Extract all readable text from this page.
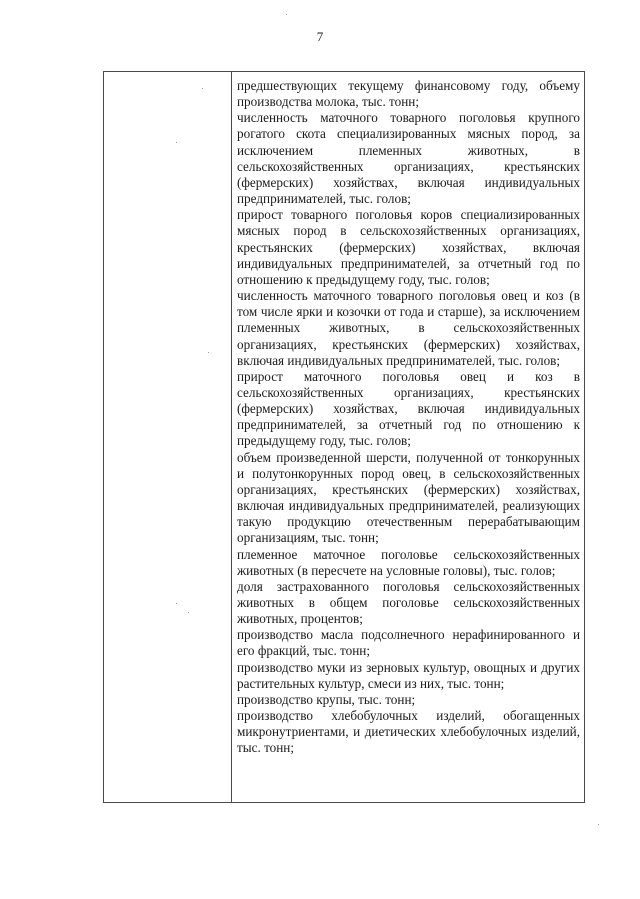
7

предшествующих текущему финансовому году, объему производства молока, тыс. тонн;

численность маточного товарного поголовья крупного рогатого скота специализированных мясных пород, за исключением племенных животных, в сельскохозяйственных организациях, крестьянских (фермерских) хозяйствах, включая индивидуальных предпринимателей, тыс. голов;

прирост товарного поголовья коров специализированных мясных пород в сельскохозяйственных организациях, крестьянских (фермерских) хозяйствах, включая индивидуальных предпринимателей, за отчетный год по отношению к предыдущему году, тыс. голов;

численность маточного товарного поголовья овец и коз (в том числе ярки и козочки от года и старше), за исключением племенных животных, в сельскохозяйственных организациях, крестьянских (фермерских) хозяйствах, включая индивидуальных предпринимателей, тыс. голов;

прирост маточного поголовья овец и коз в сельскохозяйственных организациях, крестьянских (фермерских) хозяйствах, включая индивидуальных предпринимателей, за отчетный год по отношению к предыдущему году, тыс. голов;

объем произведенной шерсти, полученной от тонкорунных и полутонкорунных пород овец, в сельскохозяйственных организациях, крестьянских (фермерских) хозяйствах, включая индивидуальных предпринимателей, реализующих такую продукцию отечественным перерабатывающим организациям, тыс. тонн;

племенное маточное поголовье сельскохозяйственных животных (в пересчете на условные головы), тыс. голов;

доля застрахованного поголовья сельскохозяйственных животных в общем поголовье сельскохозяйственных животных, процентов;

производство масла подсолнечного нерафинированного и его фракций, тыс. тонн;

производство муки из зерновых культур, овощных и других растительных культур, смеси из них, тыс. тонн;

производство крупы, тыс. тонн;

производство хлебобулочных изделий, обогащенных микронутриентами, и диетических хлебобулочных изделий, тыс. тонн;
